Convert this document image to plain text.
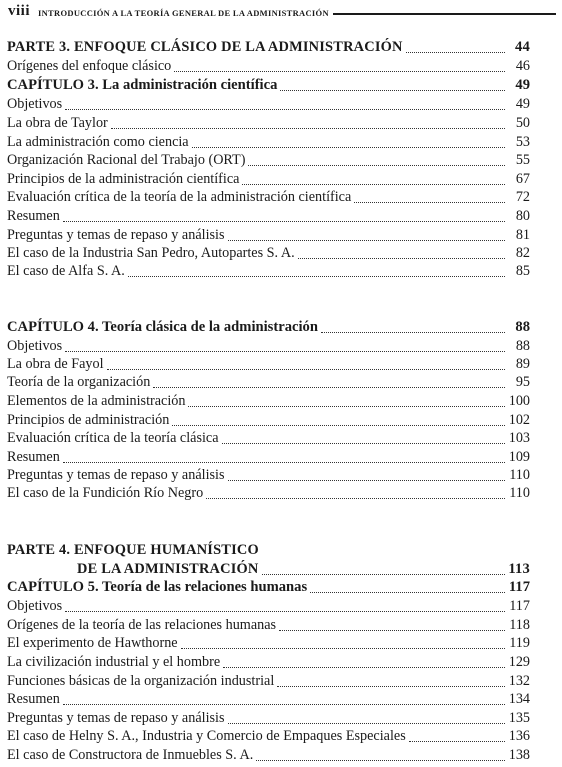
viii INTRODUCCIÓN A LA TEORÍA GENERAL DE LA ADMINISTRACIÓN
PARTE 3. ENFOQUE CLÁSICO DE LA ADMINISTRACIÓN	44
Orígenes del enfoque clásico	46
CAPÍTULO 3. La administración científica	49
Objetivos	49
La obra de Taylor	50
La administración como ciencia	53
Organización Racional del Trabajo (ORT)	55
Principios de la administración científica	67
Evaluación crítica de la teoría de la administración científica	72
Resumen	80
Preguntas y temas de repaso y análisis	81
El caso de la Industria San Pedro, Autopartes S. A.	82
El caso de Alfa S. A.	85
CAPÍTULO 4. Teoría clásica de la administración	88
Objetivos	88
La obra de Fayol	89
Teoría de la organización	95
Elementos de la administración	100
Principios de administración	102
Evaluación crítica de la teoría clásica	103
Resumen	109
Preguntas y temas de repaso y análisis	110
El caso de la Fundición Río Negro	110
PARTE 4. ENFOQUE HUMANÍSTICO
DE LA ADMINISTRACIÓN	113
CAPÍTULO 5. Teoría de las relaciones humanas	117
Objetivos	117
Orígenes de la teoría de las relaciones humanas	118
El experimento de Hawthorne	119
La civilización industrial y el hombre	129
Funciones básicas de la organización industrial	132
Resumen	134
Preguntas y temas de repaso y análisis	135
El caso de Helny S. A., Industria y Comercio de Empaques Especiales	136
El caso de Constructora de Inmuebles S. A.	138
